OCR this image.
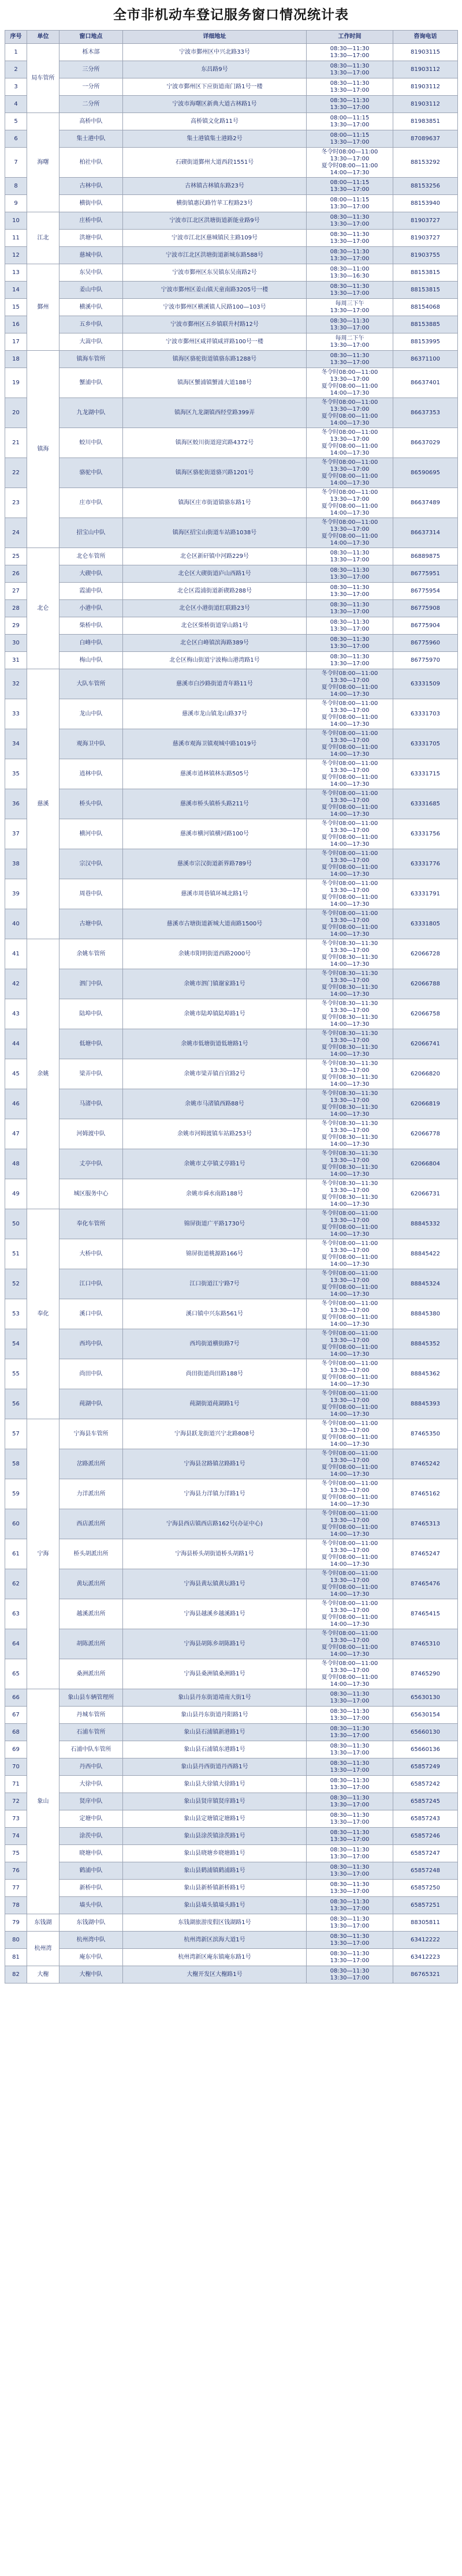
全市非机动车登记服务窗口情况统计表
序号	单位	窗口地点	详细地址	工作时间	咨询电话
1	局车管所	栎木部	宁波市鄞州区中兴北路33号	08:30—11:30
13:30—17:00	81903115
2		三分所	东昌路9号	08:30—11:30
13:30—17:00	81903112
3		一分所	宁波市鄞州区下应街道南门路1号一楼	08:30—11:30
13:30—17:00	81903112
4		二分所	宁波市海曙区新典大道古林路1号	08:30—11:30
13:30—17:00	81903112
5	海曙	高桥中队	高桥镇文化路11号	08:00—11:15
13:30—17:00	81983851
6		集士港中队	集士港镇集士港路2号	08:00—11:15
13:30—17:00	87089637
7		柏社中队	石碶街道鄞州大道西段1551号	冬令时08:00—11:00
13:30—17:00
夏令时08:00—11:00
14:00—17:30	88153292
8		古林中队	古林镇古林镇东路23号	08:00—11:15
13:30—17:00	88153256
9		横街中队	横街镇惠民路竹苹工程路23号	08:00—11:15
13:30—17:00	88153940
10	江北	庄桥中队	宁波市江北区洪塘街道新能业路9号	08:30—11:30
13:30—17:00	81903727
11		洪塘中队	宁波市江北区慈城镇民主路109号	08:30—11:30
13:30—17:00	81903727
12		慈城中队	宁波市江北区洪塘街道新城东路588号	08:30—11:30
13:30—17:00	81903755
13	鄞州	东吴中队	宁波市鄞州区东吴镇东吴南路2号	08:30—11:00
13:30—16:30	88153815
14		姜山中队	宁波市鄞州区姜山镇天童南路3205号一楼	08:30—11:30
13:30—17:00	88153815
15		横溪中队	宁波市鄞州区横溪镇人民路100—103号	每周三下午
13:30—17:00	88154068
16		五乡中队	宁波市鄞州区五乡镇联升村路12号	08:30—11:30
13:30—17:00	88153885
17		大嵩中队	宁波市鄞州区咸祥镇咸祥路100号一楼	每周二下午
13:30—17:00	88153995
18	镇海	镇海车管所	镇海区骆驼街道镇骆东路1288号	08:30—11:30
13:30—17:00	86371100
19		蟹浦中队	镇海区蟹浦镇蟹浦大道188号	冬令时08:00—11:00
13:30—17:00
夏令时08:00—11:00
14:00—17:30	86637401
20		九龙湖中队	镇海区九龙湖镇西经堂路399弄	冬令时08:00—11:00
13:30—17:00
夏令时08:00—11:00
14:00—17:30	86637353
21		蛟川中队	镇海区蛟川街道迎宾路4372号	冬令时08:00—11:00
13:30—17:00
夏令时08:00—11:00
14:00—17:30	86637029
22		骆驼中队	镇海区骆驼街道骆兴路1201号	冬令时08:00—11:00
13:30—17:00
夏令时08:00—11:00
14:00—17:30	86590695
23		庄市中队	镇海区庄市街道镇骆东路1号	冬令时08:00—11:00
13:30—17:00
夏令时08:00—11:00
14:00—17:30	86637489
24		招宝山中队	镇海区招宝山街道车站路1038号	冬令时08:00—11:00
13:30—17:00
夏令时08:00—11:00
14:00—17:30	86637314
25	北仑	北仑车管所	北仑区新矸镇中河路229号	08:30—11:30
13:30—17:00	86889875
26		大碶中队	北仑区大碶街道庐山西路1号	08:30—11:30
13:30—17:00	86775951
27		霞浦中队	北仑区霞浦街道新碶路288号	08:30—11:30
13:30—17:00	86775954
28		小港中队	北仑区小港街道红联路23号	08:30—11:30
13:30—17:00	86775908
29		柴桥中队	北仑区柴桥街道穿山路1号	08:30—11:30
13:30—17:00	86775904
30		白峰中队	北仑区白峰镇滨海路389号	08:30—11:30
13:30—17:00	86775960
31		梅山中队	北仑区梅山街道宁波梅山港湾路1号	08:30—11:30
13:30—17:00	86775970
32	慈溪	大队车管所	慈溪市白沙路街道青年路11号	冬令时08:00—11:00
13:30—17:00
夏令时08:00—11:00
14:00—17:30	63331509
33		龙山中队	慈溪市龙山镇龙山路37号	冬令时08:00—11:00
13:30—17:00
夏令时08:00—11:00
14:00—17:30	63331703
34		观海卫中队	慈溪市观海卫镇观城中路1019号	冬令时08:00—11:00
13:30—17:00
夏令时08:00—11:00
14:00—17:30	63331705
35		逍林中队	慈溪市逍林镇林东路505号	冬令时08:00—11:00
13:30—17:00
夏令时08:00—11:00
14:00—17:30	63331715
36		桥头中队	慈溪市桥头镇桥头路211号	冬令时08:00—11:00
13:30—17:00
夏令时08:00—11:00
14:00—17:30	63331685
37		横河中队	慈溪市横河镇横河路100号	冬令时08:00—11:00
13:30—17:00
夏令时08:00—11:00
14:00—17:30	63331756
38		宗汉中队	慈溪市宗汉街道新界路789号	冬令时08:00—11:00
13:30—17:00
夏令时08:00—11:00
14:00—17:30	63331776
39		周巷中队	慈溪市周巷镇环城北路1号	冬令时08:00—11:00
13:30—17:00
夏令时08:00—11:00
14:00—17:30	63331791
40		古塘中队	慈溪市古塘街道新城大道南路1500号	冬令时08:00—11:00
13:30—17:00
夏令时08:00—11:00
14:00—17:30	63331805
41	余姚	余姚车管所	余姚市阳明街道西路2000号	冬令时08:30—11:30
13:30—17:00
夏令时08:30—11:30
14:00—17:30	62066728
42		泗门中队	余姚市泗门镇谢家路1号	冬令时08:30—11:30
13:30—17:00
夏令时08:30—11:30
14:00—17:30	62066788
43		陆埠中队	余姚市陆埠镇陆埠路1号	冬令时08:30—11:30
13:30—17:00
夏令时08:30—11:30
14:00—17:30	62066758
44		低塘中队	余姚市低塘街道低塘路1号	冬令时08:30—11:30
13:30—17:00
夏令时08:30—11:30
14:00—17:30	62066741
45		梁弄中队	余姚市梁弄镇百官路2号	冬令时08:30—11:30
13:30—17:00
夏令时08:30—11:30
14:00—17:30	62066820
46		马渚中队	余姚市马渚镇西路88号	冬令时08:30—11:30
13:30—17:00
夏令时08:30—11:30
14:00—17:30	62066819
47		河姆渡中队	余姚市河姆渡镇车站路253号	冬令时08:30—11:30
13:30—17:00
夏令时08:30—11:30
14:00—17:30	62066778
48		丈亭中队	余姚市丈亭镇丈亭路1号	冬令时08:30—11:30
13:30—17:00
夏令时08:30—11:30
14:00—17:30	62066804
49		城区服务中心	余姚市舜水南路188号	冬令时08:30—11:30
13:30—17:00
夏令时08:30—11:30
14:00—17:30	62066731
50	奉化	奉化车管所	锦屏街道广平路1730号	冬令时08:00—11:00
13:30—17:00
夏令时08:00—11:00
14:00—17:30	88845332
51		大桥中队	锦屏街道桃源路166号	冬令时08:00—11:00
13:30—17:00
夏令时08:00—11:00
14:00—17:30	88845422
52		江口中队	江口街道江宁路7号	冬令时08:00—11:00
13:30—17:00
夏令时08:00—11:00
14:00—17:30	88845324
53		溪口中队	溪口镇中兴东路561号	冬令时08:00—11:00
13:30—17:00
夏令时08:00—11:00
14:00—17:30	88845380
54		西坞中队	西坞街道横街路7号	冬令时08:00—11:00
13:30—17:00
夏令时08:00—11:00
14:00—17:30	88845352
55		尚田中队	尚田街道尚田路188号	冬令时08:00—11:00
13:30—17:00
夏令时08:00—11:00
14:00—17:30	88845362
56		莼湖中队	莼湖街道莼湖路1号	冬令时08:00—11:00
13:30—17:00
夏令时08:00—11:00
14:00—17:30	88845393
57	宁海	宁海县车管所	宁海县跃龙街道兴宁北路808号	冬令时08:00—11:00
13:30—17:00
夏令时08:00—11:00
14:00—17:30	87465350
58		岔路派出所	宁海县岔路镇岔路路1号	冬令时08:00—11:00
13:30—17:00
夏令时08:00—11:00
14:00—17:30	87465242
59		力洋派出所	宁海县力洋镇力洋路1号	冬令时08:00—11:00
13:30—17:00
夏令时08:00—11:00
14:00—17:30	87465162
60		西店派出所	宁海县西店镇西店路162号(办证中心)	冬令时08:00—11:00
13:30—17:00
夏令时08:00—11:00
14:00—17:30	87465313
61		桥头胡派出所	宁海县桥头胡街道桥头胡路1号	冬令时08:00—11:00
13:30—17:00
夏令时08:00—11:00
14:00—17:30	87465247
62		黄坛派出所	宁海县黄坛镇黄坛路1号	冬令时08:00—11:00
13:30—17:00
夏令时08:00—11:00
14:00—17:30	87465476
63		越溪派出所	宁海县越溪乡越溪路1号	冬令时08:00—11:00
13:30—17:00
夏令时08:00—11:00
14:00—17:30	87465415
64		胡陈派出所	宁海县胡陈乡胡陈路1号	冬令时08:00—11:00
13:30—17:00
夏令时08:00—11:00
14:00—17:30	87465310
65		桑洲派出所	宁海县桑洲镇桑洲路1号	冬令时08:00—11:00
13:30—17:00
夏令时08:00—11:00
14:00—17:30	87465290
66	象山	象山县车辆管理所	象山县丹东街道靖南大街1号	08:30—11:30
13:30—17:00	65630130
67		丹城车管所	象山县丹东街道丹阳路1号	08:30—11:30
13:30—17:00	65630154
68		石浦车管所	象山县石浦镇新港路1号	08:30—11:30
13:30—17:00	65660130
69		石浦中队车管所	象山县石浦镇东港路1号	08:30—11:30
13:30—17:00	65660136
70		丹西中队	象山县丹西街道丹西路1号	08:30—11:30
13:30—17:00	65857249
71		大徐中队	象山县大徐镇大徐路1号	08:30—11:30
13:30—17:00	65857242
72		贤庠中队	象山县贤庠镇贤庠路1号	08:30—11:30
13:30—17:00	65857245
73		定塘中队	象山县定塘镇定塘路1号	08:30—11:30
13:30—17:00	65857243
74		涂茨中队	象山县涂茨镇涂茨路1号	08:30—11:30
13:30—17:00	65857246
75		晓塘中队	象山县晓塘乡晓塘路1号	08:30—11:30
13:30—17:00	65857247
76		鹤浦中队	象山县鹤浦镇鹤浦路1号	08:30—11:30
13:30—17:00	65857248
77		新桥中队	象山县新桥镇新桥路1号	08:30—11:30
13:30—17:00	65857250
78		墙头中队	象山县墙头镇墙头路1号	08:30—11:30
13:30—17:00	65857251
79	东钱湖	东钱湖中队	东钱湖旅游度假区钱湖路1号	08:30—11:30
13:30—17:00	88305811
80	杭州湾	杭州湾中队	杭州湾新区滨海大道1号	08:30—11:30
13:30—17:00	63412222
81		庵东中队	杭州湾新区庵东镇庵东路1号	08:30—11:30
13:30—17:00	63412223
82	大榭	大榭中队	大榭开发区大榭路1号	08:30—11:30
13:30—17:00	86765321
